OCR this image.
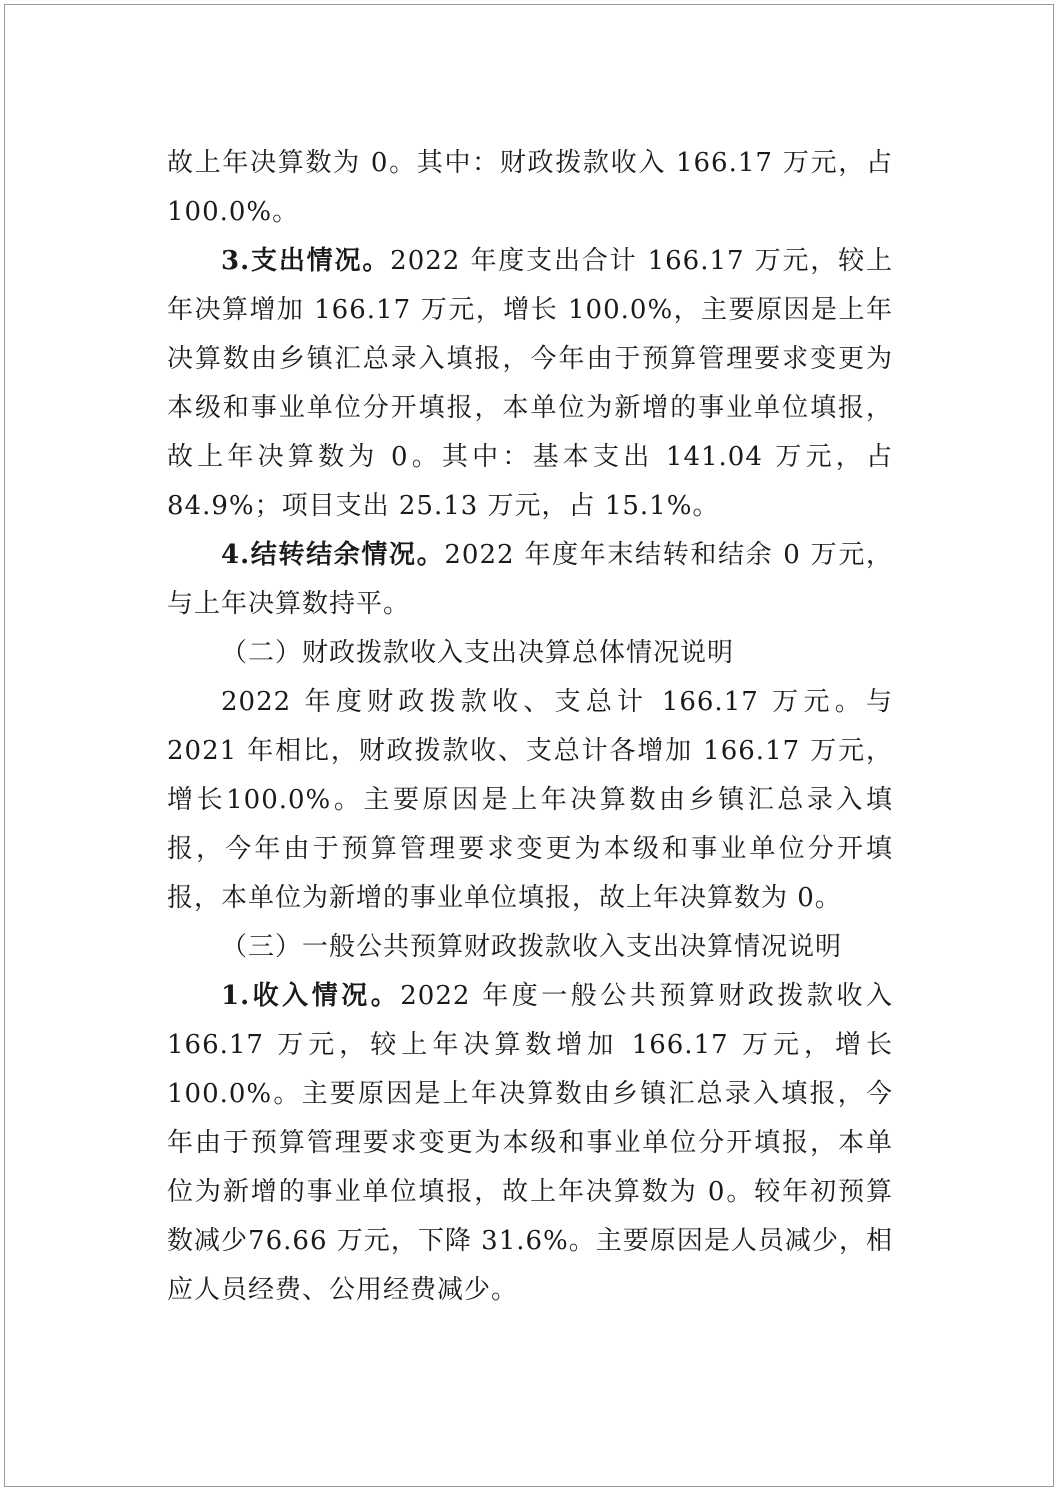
故上年决算数为 0。其中：财政拨款收入 166.17 万元，占100.0%。

3.支出情况。2022 年度支出合计 166.17 万元，较上年决算增加 166.17 万元，增长 100.0%，主要原因是上年决算数由乡镇汇总录入填报，今年由于预算管理要求变更为本级和事业单位分开填报，本单位为新增的事业单位填报，故上年决算数为 0。其中：基本支出 141.04 万元，占 84.9%；项目支出 25.13 万元，占 15.1%。

4.结转结余情况。2022 年度年末结转和结余 0 万元，与上年决算数持平。

（二）财政拨款收入支出决算总体情况说明

2022 年度财政拨款收、支总计 166.17 万元。与 2021 年相比，财政拨款收、支总计各增加 166.17 万元，增长100.0%。主要原因是上年决算数由乡镇汇总录入填报，今年由于预算管理要求变更为本级和事业单位分开填报，本单位为新增的事业单位填报，故上年决算数为 0。

（三）一般公共预算财政拨款收入支出决算情况说明

1.收入情况。2022 年度一般公共预算财政拨款收入166.17 万元，较上年决算数增加 166.17 万元，增长 100.0%。主要原因是上年决算数由乡镇汇总录入填报，今年由于预算管理要求变更为本级和事业单位分开填报，本单位为新增的事业单位填报，故上年决算数为 0。较年初预算数减少76.66 万元，下降 31.6%。主要原因是人员减少，相应人员经费、公用经费减少。
